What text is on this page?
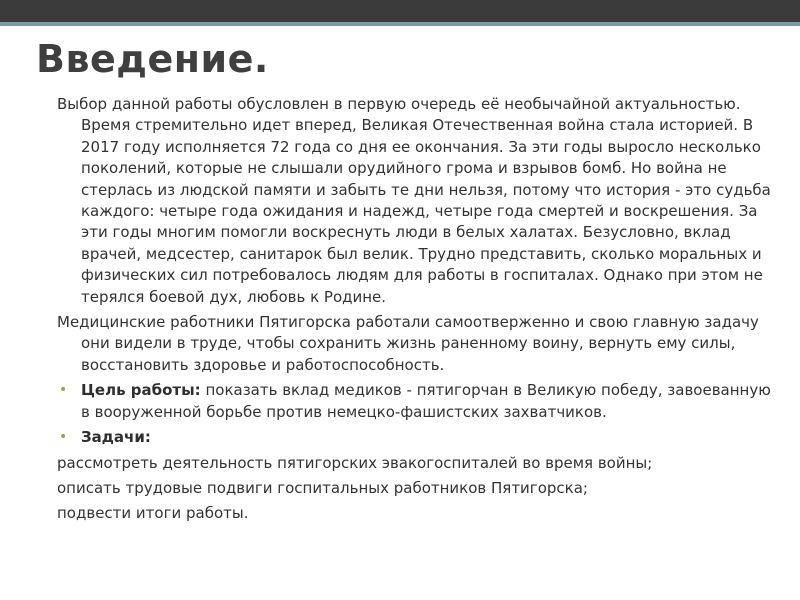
Введение.

Выбор данной работы обусловлен в первую очередь её необычайной актуальностью. Время стремительно идет вперед, Великая Отечественная война стала историей. В 2017 году исполняется 72 года со дня ее окончания. За эти годы выросло несколько поколений, которые не слышали орудийного грома и взрывов бомб. Но война не стерлась из людской памяти и забыть те дни нельзя, потому что история - это судьба каждого: четыре года ожидания и надежд, четыре года смертей и воскрешения. За эти годы многим помогли воскреснуть люди в белых халатах. Безусловно, вклад врачей, медсестер, санитарок был велик. Трудно представить, сколько моральных и физических сил потребовалось людям для работы в госпиталах. Однако при этом не терялся боевой дух, любовь к Родине.

Медицинские работники Пятигорска работали самоотверженно и свою главную задачу они видели в труде, чтобы сохранить жизнь раненному воину, вернуть ему силы, восстановить здоровье и работоспособность.

• Цель работы: показать вклад медиков - пятигорчан в Великую победу, завоеванную в вооруженной борьбе против немецко-фашистских захватчиков.
• Задачи:
рассмотреть деятельность пятигорских эвакогоспиталей во время войны;
описать трудовые подвиги госпитальных работников Пятигорска;
подвести итоги работы.
